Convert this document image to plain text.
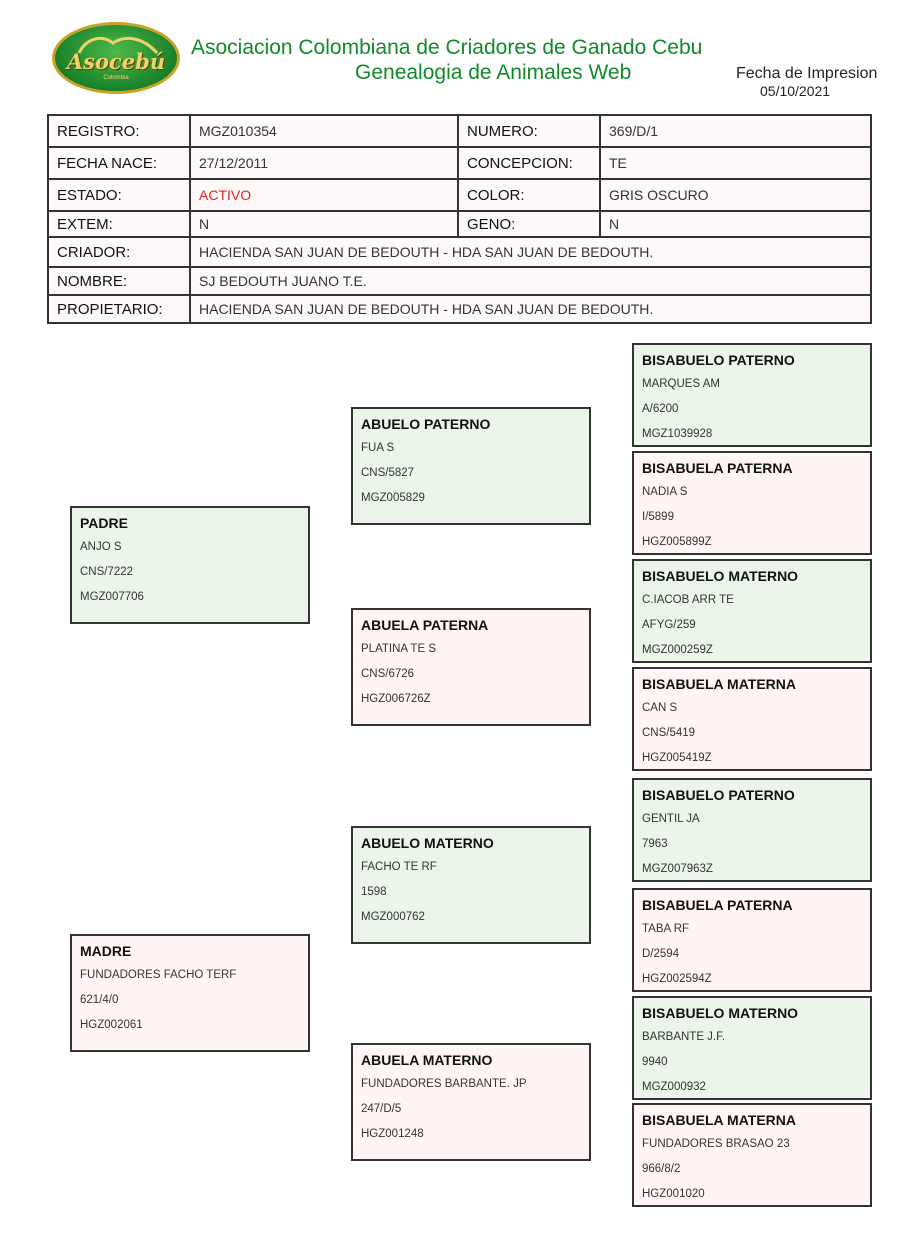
Asocebú
Colombia
Asociacion Colombiana de Criadores de Ganado Cebu
Genealogia de Animales Web	Fecha de Impresion
05/10/2021
REGISTRO:	MGZ010354	NUMERO:	369/D/1
FECHA NACE:	27/12/2011	CONCEPCION:	TE
ESTADO:	ACTIVO	COLOR:	GRIS OSCURO
EXTEM:	N	GENO:	N
CRIADOR:	HACIENDA SAN JUAN DE BEDOUTH - HDA SAN JUAN DE BEDOUTH.		
NOMBRE:	SJ BEDOUTH JUANO T.E.		
PROPIETARIO:	HACIENDA SAN JUAN DE BEDOUTH - HDA SAN JUAN DE BEDOUTH.		
PADRE
ANJO S
CNS/7222
MGZ007706
MADRE
FUNDADORES FACHO TERF
621/4/0
HGZ002061
ABUELO PATERNO
FUA S
CNS/5827
MGZ005829
ABUELA PATERNA
PLATINA TE S
CNS/6726
HGZ006726Z
ABUELO MATERNO
FACHO TE RF
1598
MGZ000762
ABUELA MATERNO
FUNDADORES BARBANTE. JP
247/D/5
HGZ001248
BISABUELO PATERNO
MARQUES AM
A/6200
MGZ1039928
BISABUELA PATERNA
NADIA S
I/5899
HGZ005899Z
BISABUELO MATERNO
C.IACOB ARR TE
AFYG/259
MGZ000259Z
BISABUELA MATERNA
CAN S
CNS/5419
HGZ005419Z
BISABUELO PATERNO
GENTIL JA
7963
MGZ007963Z
BISABUELA PATERNA
TABA RF
D/2594
HGZ002594Z
BISABUELO MATERNO
BARBANTE J.F.
9940
MGZ000932
BISABUELA MATERNA
FUNDADORES BRASAO 23
966/8/2
HGZ001020
